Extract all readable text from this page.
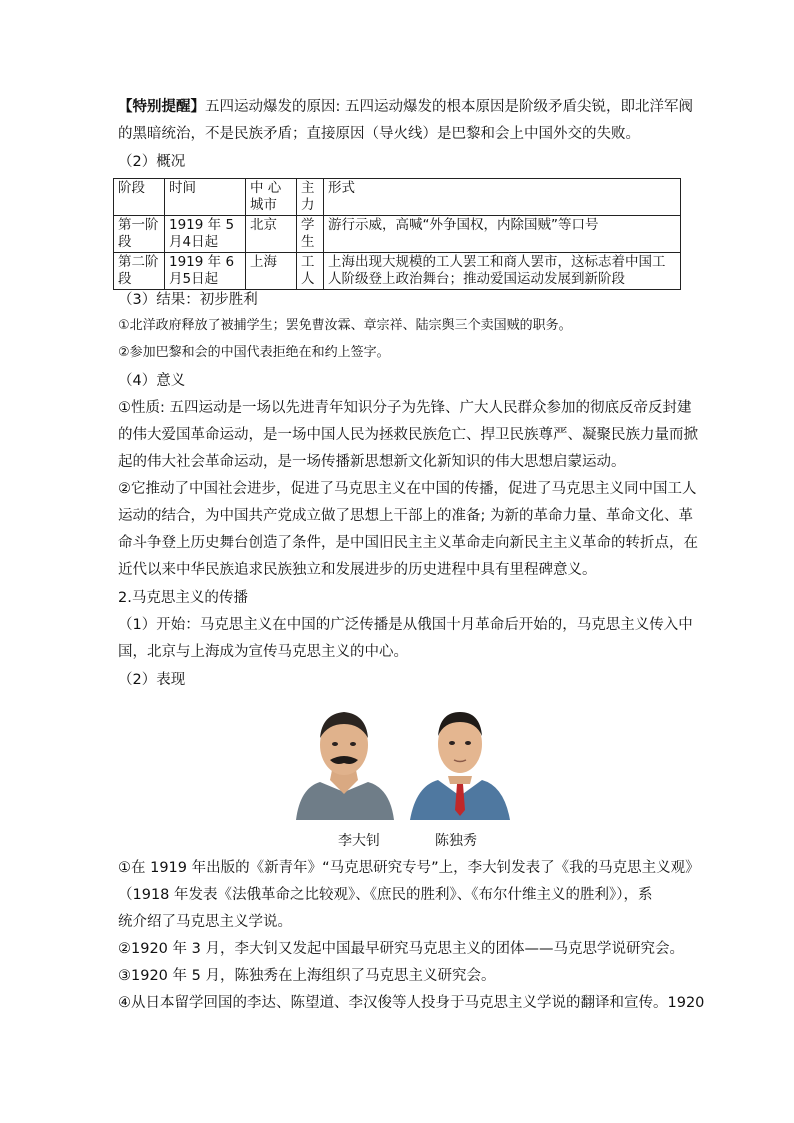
【特别提醒】五四运动爆发的原因: 五四运动爆发的根本原因是阶级矛盾尖锐，即北洋军阀
的黑暗统治，不是民族矛盾；直接原因（导火线）是巴黎和会上中国外交的失败。
（2）概况
阶段	时间	中 心城市	主力	形式
第一阶段	1919 年 5 月4日起	北京	学生	游行示威，高喊“外争国权，内除国贼”等口号
第二阶段	1919 年 6 月5日起	上海	工人	上海出现大规模的工人罢工和商人罢市，这标志着中国工人阶级登上政治舞台；推动爱国运动发展到新阶段
（3）结果：初步胜利
①北洋政府释放了被捕学生；罢免曹汝霖、章宗祥、陆宗舆三个卖国贼的职务。
②参加巴黎和会的中国代表拒绝在和约上签字。
（4）意义
①性质: 五四运动是一场以先进青年知识分子为先锋、广大人民群众参加的彻底反帝反封建
的伟大爱国革命运动，是一场中国人民为拯救民族危亡、捍卫民族尊严、凝聚民族力量而掀
起的伟大社会革命运动，是一场传播新思想新文化新知识的伟大思想启蒙运动。
②它推动了中国社会进步，促进了马克思主义在中国的传播，促进了马克思主义同中国工人
运动的结合，为中国共产党成立做了思想上干部上的准备; 为新的革命力量、革命文化、革
命斗争登上历史舞台创造了条件，是中国旧民主主义革命走向新民主主义革命的转折点，在
近代以来中华民族追求民族独立和发展进步的历史进程中具有里程碑意义。
2.马克思主义的传播
（1）开始：马克思主义在中国的广泛传播是从俄国十月革命后开始的，马克思主义传入中
国，北京与上海成为宣传马克思主义的中心。
（2）表现
李大钊	陈独秀
①在 1919 年出版的《新青年》“马克思研究专号”上，李大钊发表了《我的马克思主义观》
（1918 年发表《法俄革命之比较观》、《庶民的胜利》、《布尔什维主义的胜利》），系
统介绍了马克思主义学说。
②1920 年 3 月，李大钊又发起中国最早研究马克思主义的团体——马克思学说研究会。
③1920 年 5 月，陈独秀在上海组织了马克思主义研究会。
④从日本留学回国的李达、陈望道、李汉俊等人投身于马克思主义学说的翻译和宣传。1920
